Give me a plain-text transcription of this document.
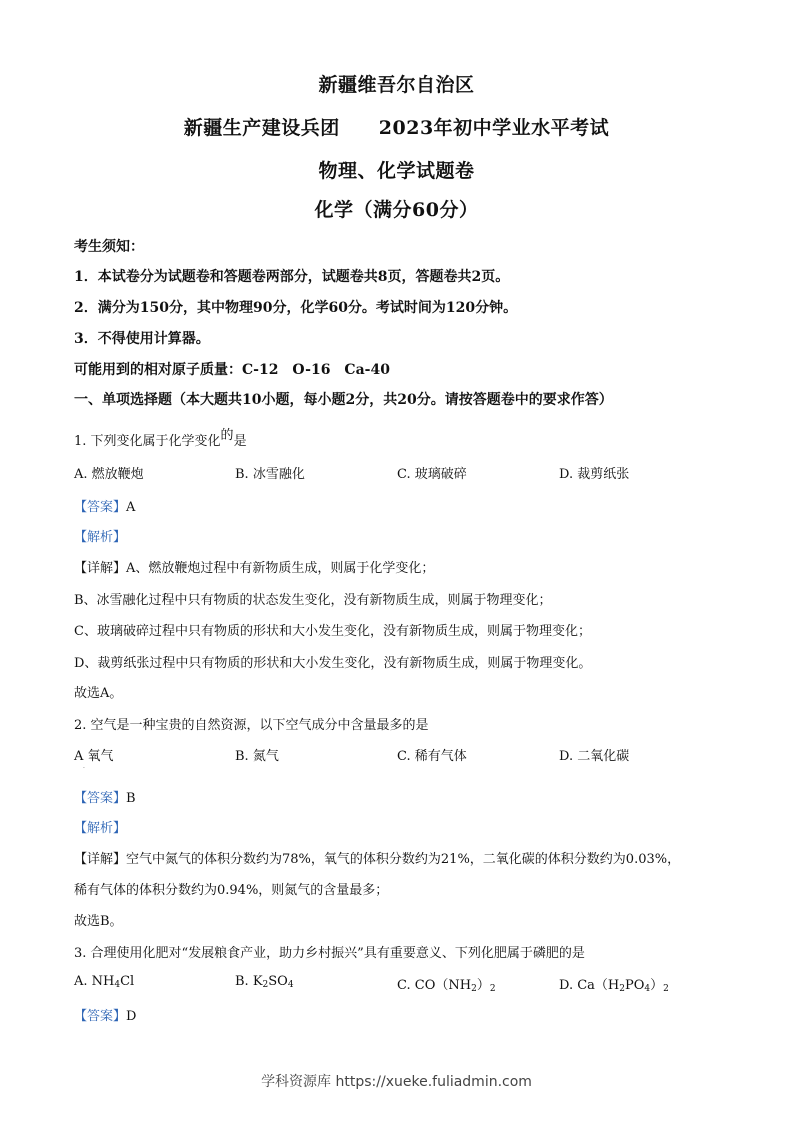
新疆维吾尔自治区
新疆生产建设兵团　　2023年初中学业水平考试
物理、化学试题卷
化学（满分60分）
考生须知：
1．本试卷分为试题卷和答题卷两部分，试题卷共8页，答题卷共2页。
2．满分为150分，其中物理90分，化学60分。考试时间为120分钟。
3．不得使用计算器。
可能用到的相对原子质量：C-12　O-16　Ca-40
一、单项选择题（本大题共10小题，每小题2分，共20分。请按答题卷中的要求作答）
1. 下列变化属于化学变化的是
A. 燃放鞭炮	B. 冰雪融化	C. 玻璃破碎	D. 裁剪纸张
【答案】A
【解析】
【详解】A、燃放鞭炮过程中有新物质生成，则属于化学变化；
B、冰雪融化过程中只有物质的状态发生变化，没有新物质生成，则属于物理变化；
C、玻璃破碎过程中只有物质的形状和大小发生变化，没有新物质生成，则属于物理变化；
D、裁剪纸张过程中只有物质的形状和大小发生变化，没有新物质生成，则属于物理变化。
故选A。
2. 空气是一种宝贵的自然资源，以下空气成分中含量最多的是
A 氧气
·
B. 氮气	C. 稀有气体	D. 二氧化碳
【答案】B
【解析】
【详解】空气中氮气的体积分数约为78%，氧气的体积分数约为21%，二氧化碳的体积分数约为0.03%，
稀有气体的体积分数约为0.94%，则氮气的含量最多；
故选B。
3. 合理使用化肥对“发展粮食产业，助力乡村振兴”具有重要意义、下列化肥属于磷肥的是
A. $NH_4Cl$	B. $K_2SO_4$	C. $CO(NH_2)_2$	D. $Ca(H_2PO_4)_2$
【答案】D
学科资源库 https://xueke.fuliadmin.com
